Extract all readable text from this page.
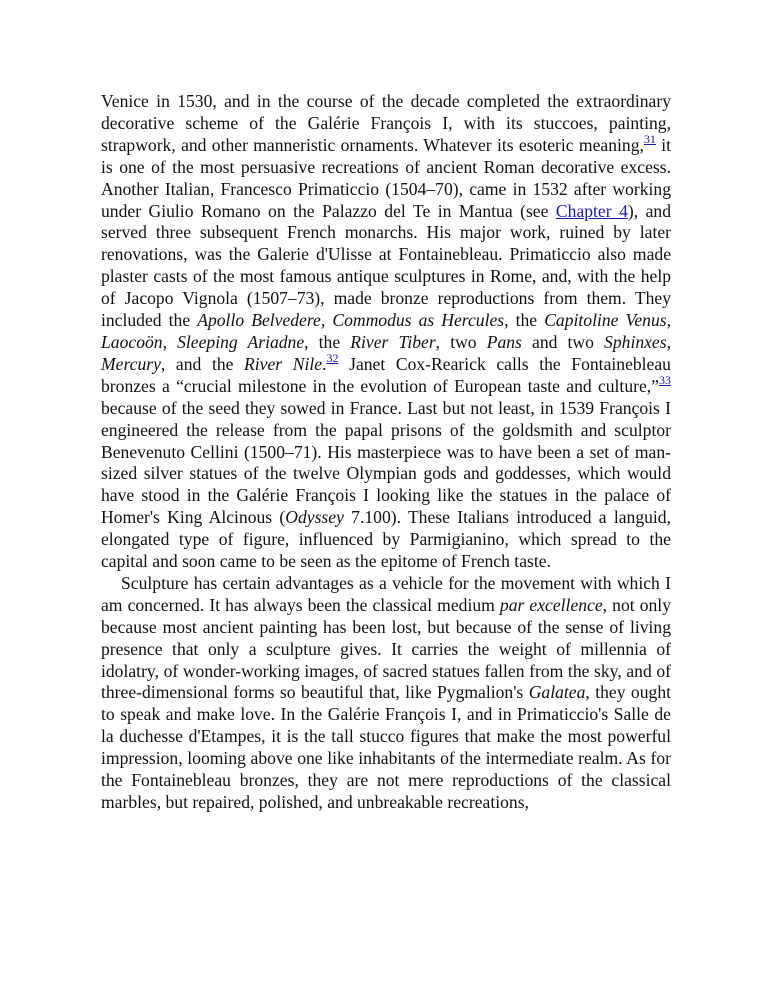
Venice in 1530, and in the course of the decade completed the extraordinary decorative scheme of the Galérie François I, with its stuccoes, painting, strapwork, and other manneristic ornaments. Whatever its esoteric meaning,$^{31}$ it is one of the most persuasive recreations of ancient Roman decorative excess. Another Italian, Francesco Primaticcio (1504–70), came in 1532 after working under Giulio Romano on the Palazzo del Te in Mantua (see Chapter 4), and served three subsequent French monarchs. His major work, ruined by later renovations, was the Galerie d'Ulisse at Fontainebleau. Primaticcio also made plaster casts of the most famous antique sculptures in Rome, and, with the help of Jacopo Vignola (1507–73), made bronze reproductions from them. They included the Apollo Belvedere, Commodus as Hercules, the Capitoline Venus, Laocoön, Sleeping Ariadne, the River Tiber, two Pans and two Sphinxes, Mercury, and the River Nile.$^{32}$ Janet Cox-Rearick calls the Fontainebleau bronzes a “crucial milestone in the evolution of European taste and culture,”$^{33}$ because of the seed they sowed in France. Last but not least, in 1539 François I engineered the release from the papal prisons of the goldsmith and sculptor Benevenuto Cellini (1500–71). His masterpiece was to have been a set of man-sized silver statues of the twelve Olympian gods and goddesses, which would have stood in the Galérie François I looking like the statues in the palace of Homer's King Alcinous (Odyssey 7.100). These Italians introduced a languid, elongated type of figure, influenced by Parmigianino, which spread to the capital and soon came to be seen as the epitome of French taste.

Sculpture has certain advantages as a vehicle for the movement with which I am concerned. It has always been the classical medium par excellence, not only because most ancient painting has been lost, but because of the sense of living presence that only a sculpture gives. It carries the weight of millennia of idolatry, of wonder-working images, of sacred statues fallen from the sky, and of three-dimensional forms so beautiful that, like Pygmalion's Galatea, they ought to speak and make love. In the Galérie François I, and in Primaticcio's Salle de la duchesse d'Etampes, it is the tall stucco figures that make the most powerful impression, looming above one like inhabitants of the intermediate realm. As for the Fontainebleau bronzes, they are not mere reproductions of the classical marbles, but repaired, polished, and unbreakable recreations,
